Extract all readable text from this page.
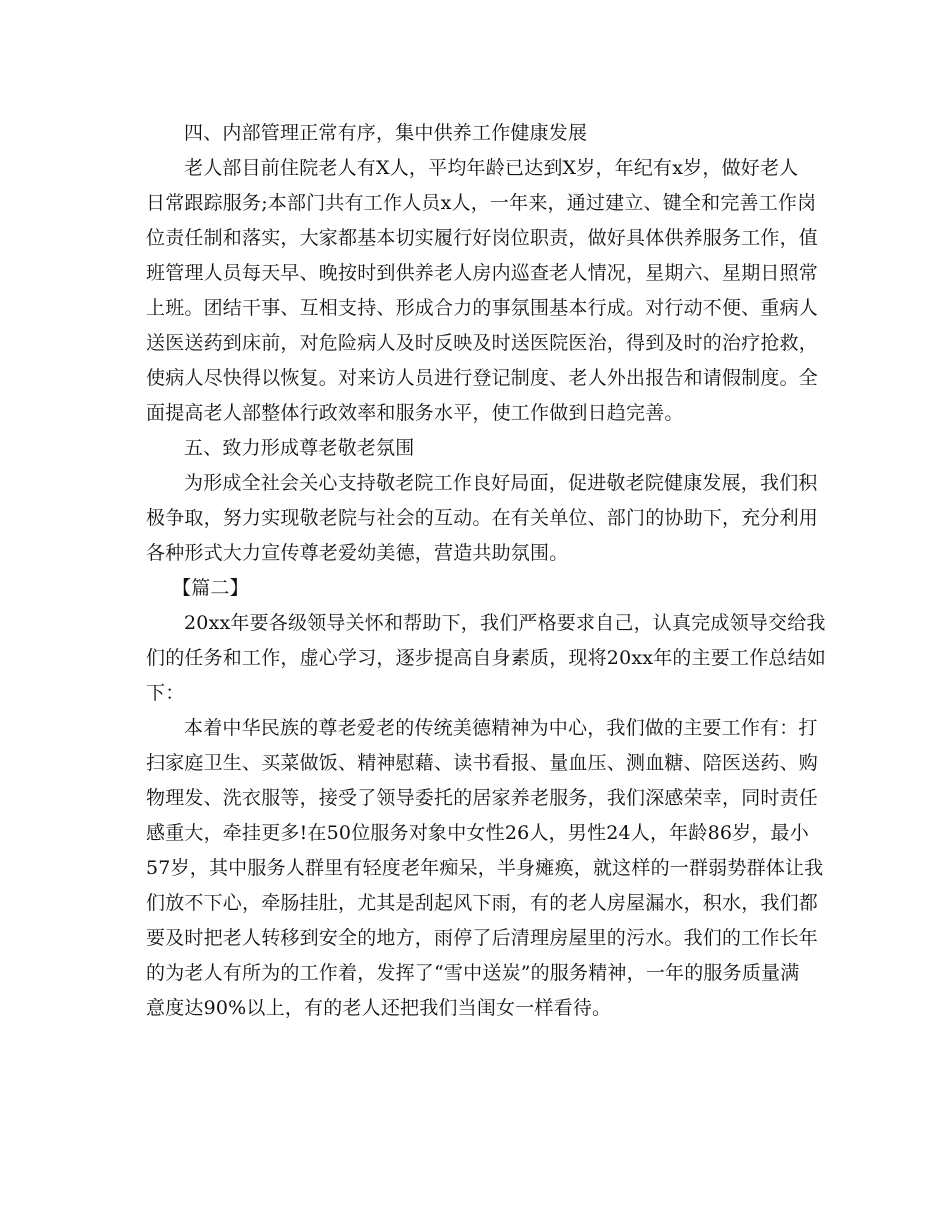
四、内部管理正常有序，集中供养工作健康发展
老人部目前住院老人有X人，平均年龄已达到X岁，年纪有x岁，做好老人
日常跟踪服务;本部门共有工作人员x人，一年来，通过建立、键全和完善工作岗
位责任制和落实，大家都基本切实履行好岗位职责，做好具体供养服务工作，值
班管理人员每天早、晚按时到供养老人房内巡查老人情况，星期六、星期日照常
上班。团结干事、互相支持、形成合力的事氛围基本行成。对行动不便、重病人
送医送药到床前，对危险病人及时反映及时送医院医治，得到及时的治疗抢救，
使病人尽快得以恢复。对来访人员进行登记制度、老人外出报告和请假制度。全
面提高老人部整体行政效率和服务水平，使工作做到日趋完善。
五、致力形成尊老敬老氛围
为形成全社会关心支持敬老院工作良好局面，促进敬老院健康发展，我们积
极争取，努力实现敬老院与社会的互动。在有关单位、部门的协助下，充分利用
各种形式大力宣传尊老爱幼美德，营造共助氛围。
【篇二】
20xx年要各级领导关怀和帮助下，我们严格要求自己，认真完成领导交给我
们的任务和工作，虚心学习，逐步提高自身素质，现将20xx年的主要工作总结如
下：
本着中华民族的尊老爱老的传统美德精神为中心，我们做的主要工作有：打
扫家庭卫生、买菜做饭、精神慰藉、读书看报、量血压、测血糖、陪医送药、购
物理发、洗衣服等，接受了领导委托的居家养老服务，我们深感荣幸，同时责任
感重大，牵挂更多!在50位服务对象中女性26人，男性24人，年龄86岁，最小
57岁，其中服务人群里有轻度老年痴呆，半身瘫痪，就这样的一群弱势群体让我
们放不下心，牵肠挂肚，尤其是刮起风下雨，有的老人房屋漏水，积水，我们都
要及时把老人转移到安全的地方，雨停了后清理房屋里的污水。我们的工作长年
的为老人有所为的工作着，发挥了“雪中送炭”的服务精神，一年的服务质量满
意度达90%以上，有的老人还把我们当闺女一样看待。
